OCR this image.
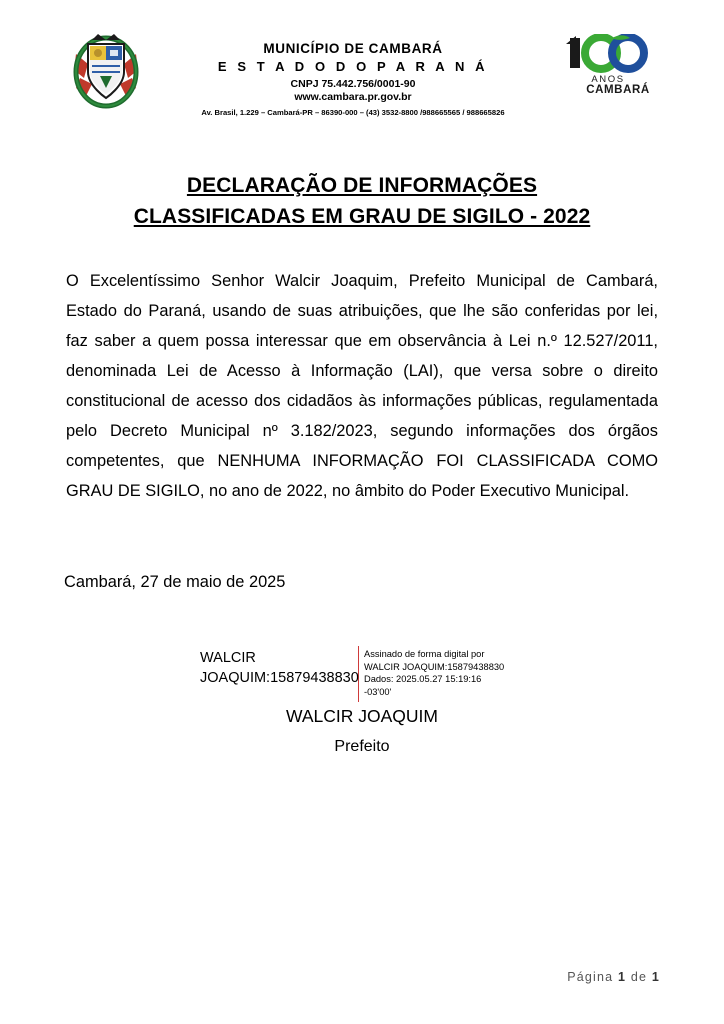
MUNICÍPIO DE CAMBARÁ
E S T A D O D O P A R A N Á
CNPJ 75.442.756/0001-90
www.cambara.pr.gov.br
Av. Brasil, 1.229 – Cambará-PR – 86390-000 – (43) 3532-8800 /988665565 / 988665826
ANOS
CAMBARÁ
DECLARAÇÃO DE INFORMAÇÕES
CLASSIFICADAS EM GRAU DE SIGILO - 2022
O Excelentíssimo Senhor Walcir Joaquim, Prefeito Municipal de Cambará, Estado do Paraná, usando de suas atribuições, que lhe são conferidas por lei, faz saber a quem possa interessar que em observância à Lei n.º 12.527/2011, denominada Lei de Acesso à Informação (LAI), que versa sobre o direito constitucional de acesso dos cidadãos às informações públicas, regulamentada pelo Decreto Municipal nº 3.182/2023, segundo informações dos órgãos competentes, que NENHUMA INFORMAÇÃO FOI CLASSIFICADA COMO GRAU DE SIGILO, no ano de 2022, no âmbito do Poder Executivo Municipal.
Cambará, 27 de maio de 2025
WALCIR JOAQUIM:15879438830
Assinado de forma digital por
WALCIR JOAQUIM:15879438830
Dados: 2025.05.27 15:19:16
-03'00'
WALCIR JOAQUIM
Prefeito
Página 1 de 1
